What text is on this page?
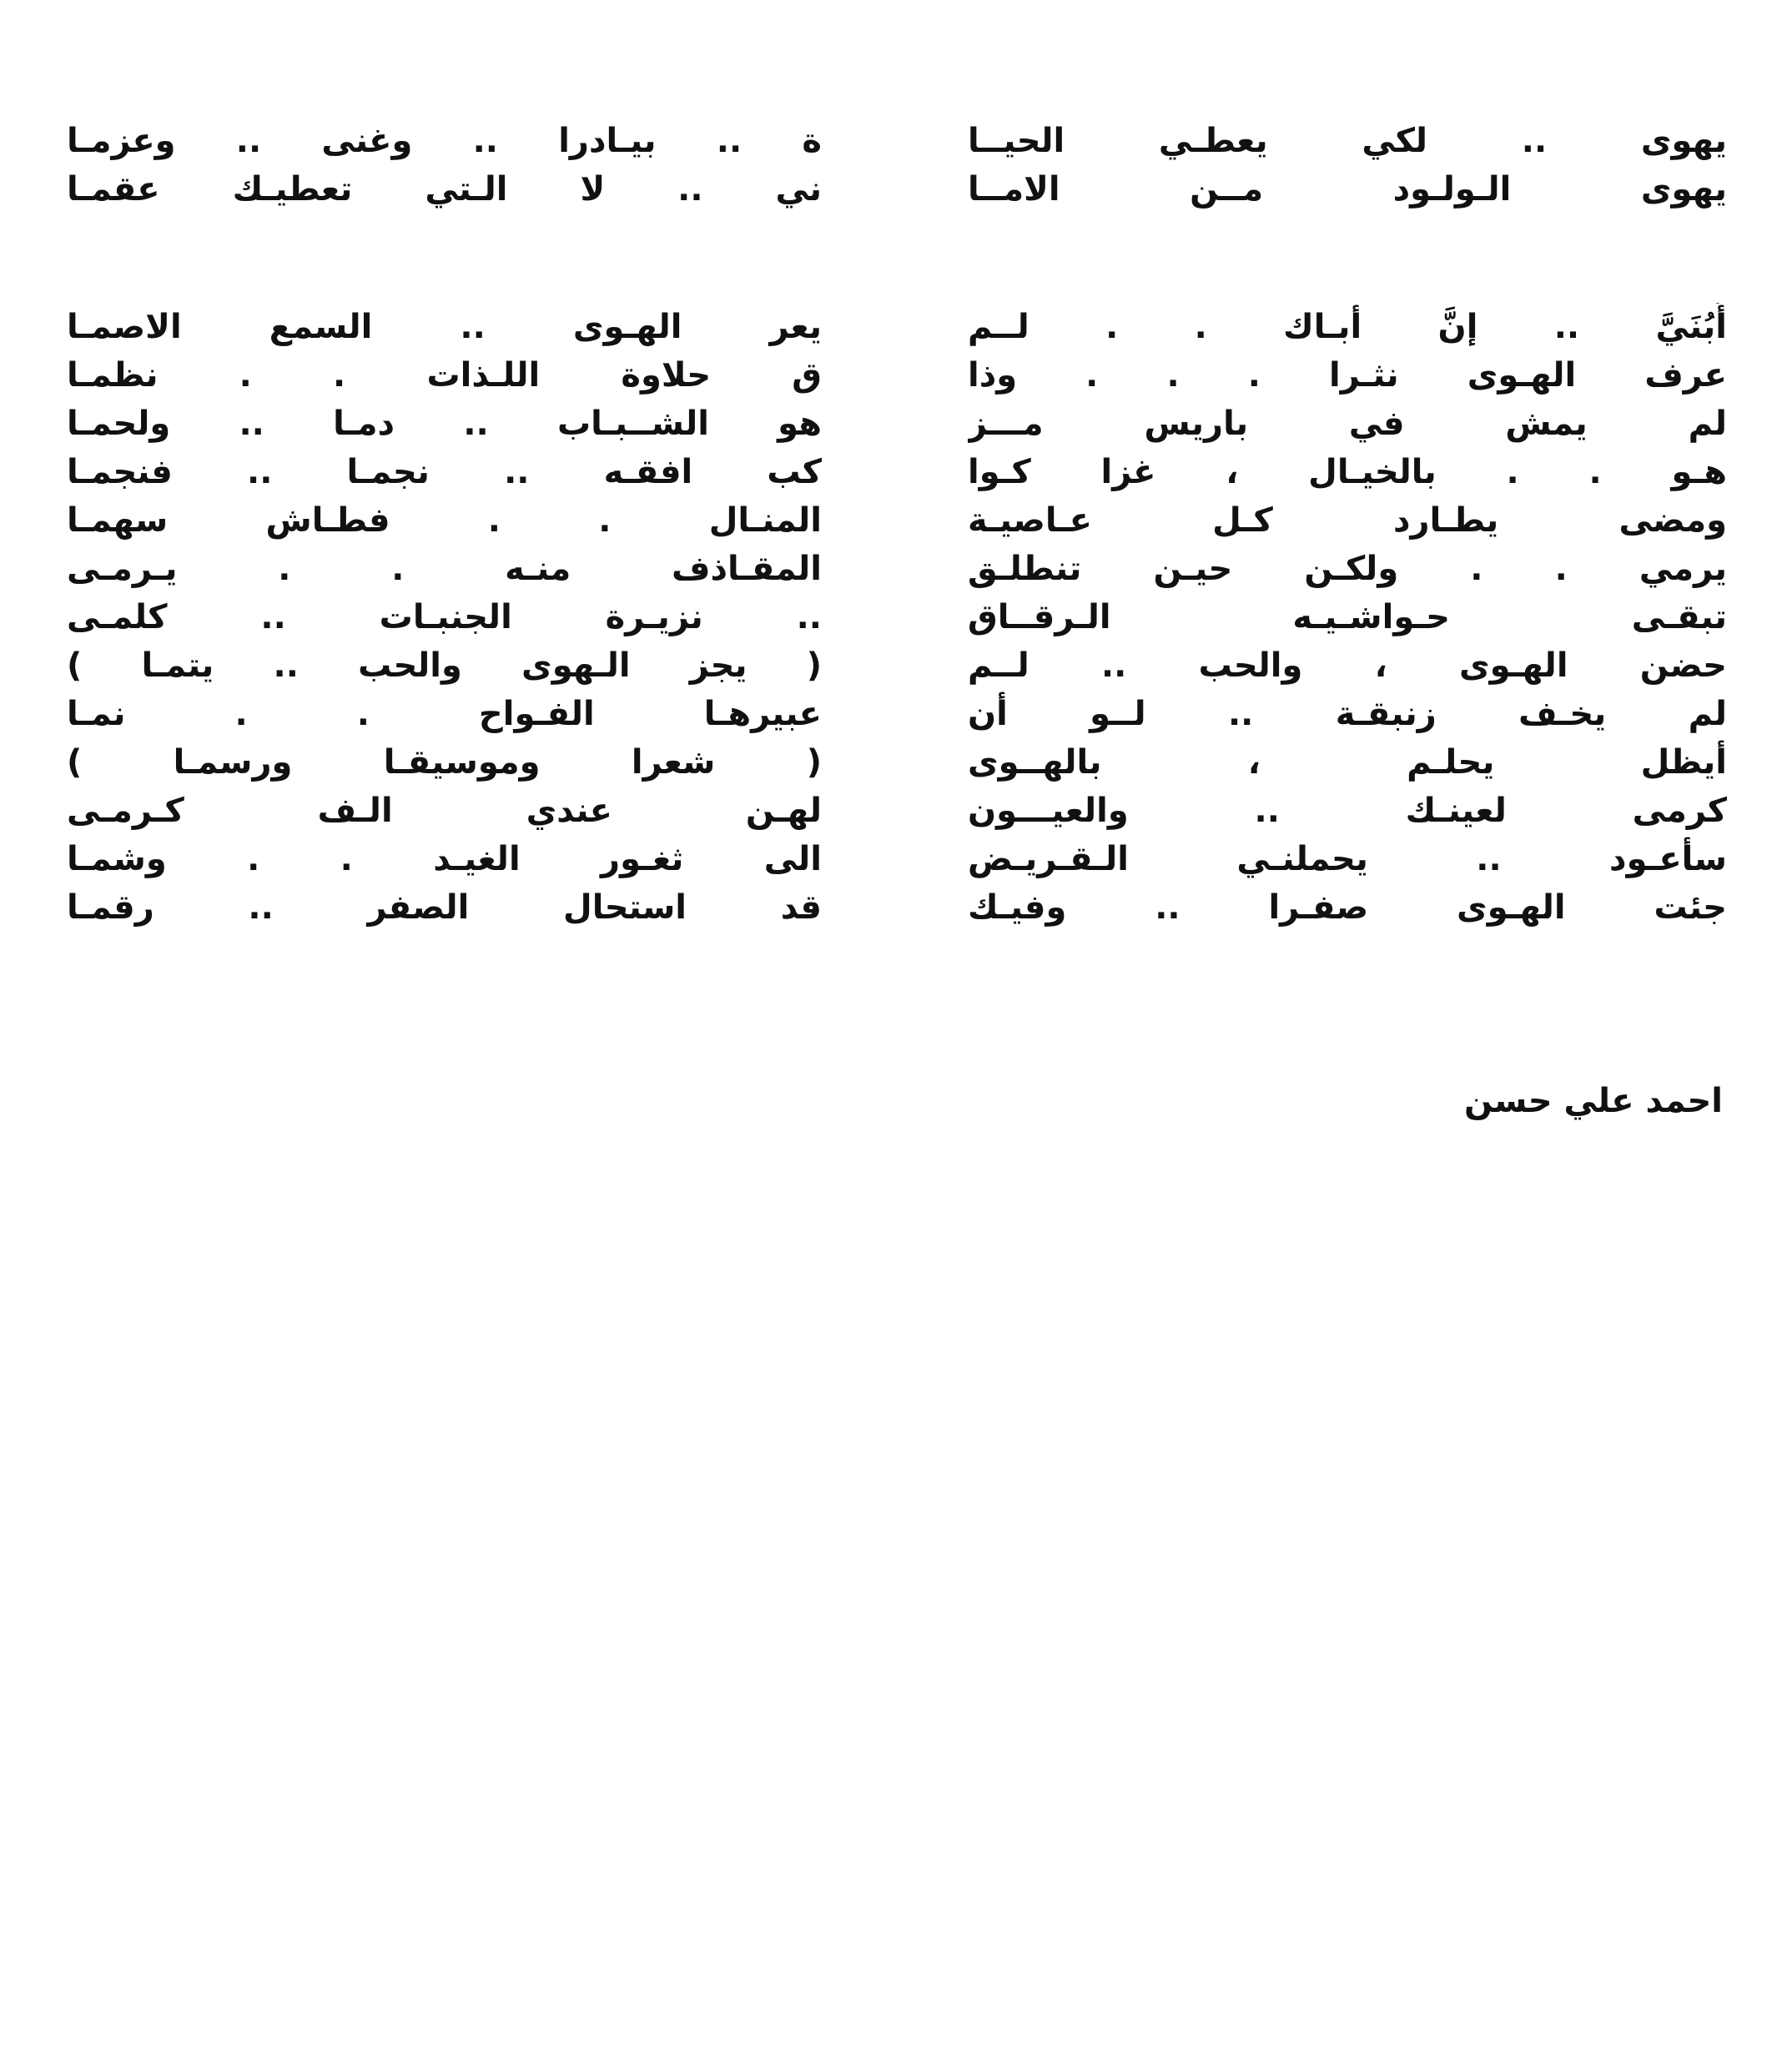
يهوى .. لكي يعطـي الحيــا
يهوى الـولـود مــن الامــا
أُبُنَيَّ .. إنَّ أبـاك . . لــم
عرف الهـوى نثـرا . . . وذا
لم يمش في باريس مـــز
هـو . . بالخيـال ، غزا كـوا
ومضى يطـارد كـل عـاصيـة
يرمي . . ولكـن حيـن تنطلـق
تبقـى حـواشـيـه الـرقــاق
حضن الهـوى ، والحب .. لــم
لم يخـف زنبقـة .. لــو أن
أيظل يحلـم ، بالهــوى
كرمى لعينـك .. والعيـــون
سأعـود .. يحملنـي الـقـريـض
جئت الهـوى صفـرا .. وفيـك
ة .. بيـادرا .. وغنى .. وعزمـا
ني .. لا الـتي تعطيـك عقمـا
يعر الهـوى .. السمع الاصمـا
ق حلاوة اللـذات . . نظمـا
هو الشــبـاب .. دمـا .. ولحمـا
كب افقـه .. نجمـا .. فنجمـا
المنـال . . فطـاش سهمـا
المقـاذف منـه . . يـرمـى
.. نزيـرة الجنبـات .. كلمـى
( يجز الـهوى والحب .. يتمـا )
عبيرهـا الفـواح . . نمـا
( شعرا وموسيقـا ورسمـا )
لهـن عندي الـف كـرمـى
الى ثغـور الغيـد . . وشمـا
قد استحال الصفر .. رقمـا
احمد علي حسن
